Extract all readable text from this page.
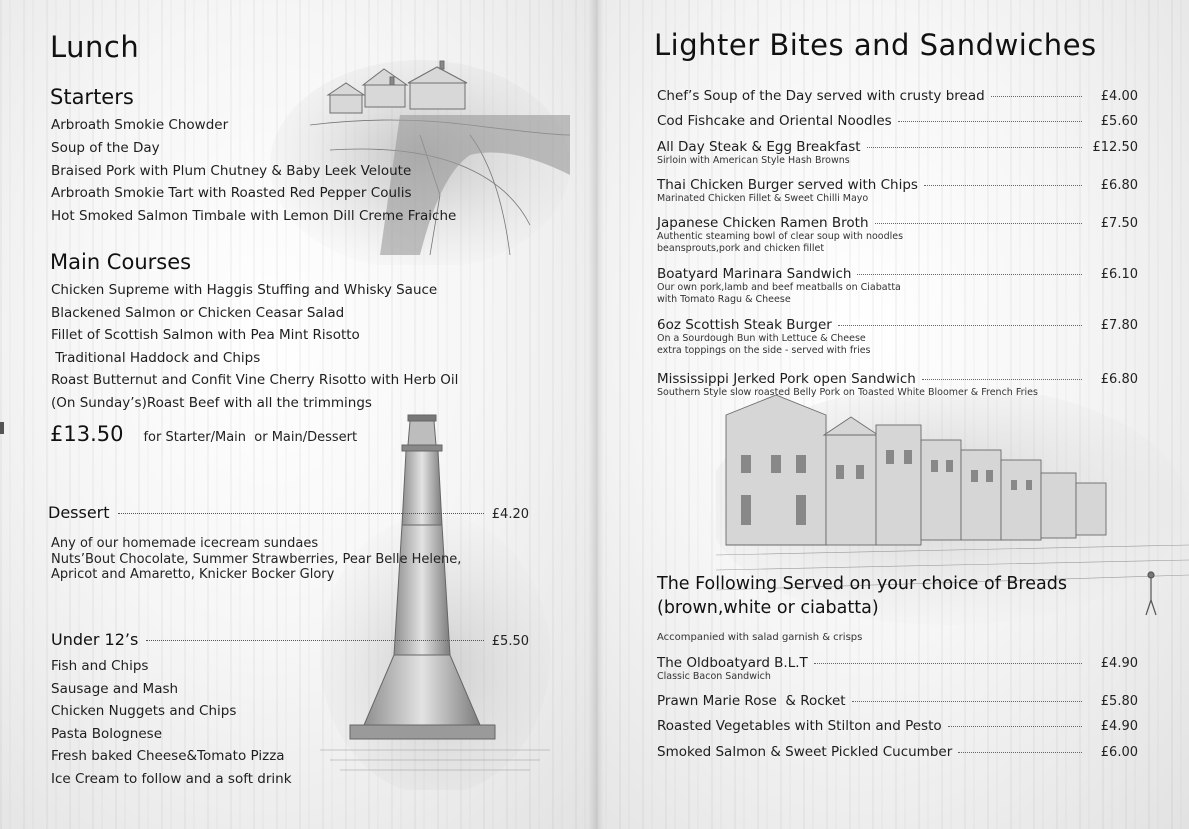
Lunch
Starters
Arbroath Smokie Chowder
Soup of the Day
Braised Pork with Plum Chutney & Baby Leek Veloute
Arbroath Smokie Tart with Roasted Red Pepper Coulis
Hot Smoked Salmon Timbale with Lemon Dill Creme Fraiche
Main Courses
Chicken Supreme with Haggis Stuffing and Whisky Sauce
Blackened Salmon or Chicken Ceasar Salad
Fillet of Scottish Salmon with Pea Mint Risotto
Traditional Haddock and Chips
Roast Butternut and Confit Vine Cherry Risotto with Herb Oil
(On Sunday’s)Roast Beef with all the trimmings
£13.50 for Starter/Main  or Main/Dessert
Dessert	£4.20
Any of our homemade icecream sundaes
Nuts’Bout Chocolate, Summer Strawberries, Pear Belle Helene,
Apricot and Amaretto, Knicker Bocker Glory
Under 12’s	£5.50
Fish and Chips
Sausage and Mash
Chicken Nuggets and Chips
Pasta Bolognese
Fresh baked Cheese&Tomato Pizza
Ice Cream to follow and a soft drink
Lighter Bites and Sandwiches
Chef’s Soup of the Day served with crusty bread	£4.00
Cod Fishcake and Oriental Noodles	£5.60
All Day Steak & Egg Breakfast	£12.50
Sirloin with American Style Hash Browns
Thai Chicken Burger served with Chips	£6.80
Marinated Chicken Fillet & Sweet Chilli Mayo
Japanese Chicken Ramen Broth	£7.50
Authentic steaming bowl of clear soup with noodles
beansprouts,pork and chicken fillet
Boatyard Marinara Sandwich	£6.10
Our own pork,lamb and beef meatballs on Ciabatta
with Tomato Ragu & Cheese
6oz Scottish Steak Burger	£7.80
On a Sourdough Bun with Lettuce & Cheese
extra toppings on the side - served with fries
Mississippi Jerked Pork open Sandwich	£6.80
Southern Style slow roasted Belly Pork on Toasted White Bloomer & French Fries
The Following Served on your choice of Breads
(brown,white or ciabatta)
Accompanied with salad garnish & crisps
The Oldboatyard B.L.T	£4.90
Classic Bacon Sandwich
Prawn Marie Rose  & Rocket	£5.80
Roasted Vegetables with Stilton and Pesto	£4.90
Smoked Salmon & Sweet Pickled Cucumber	£6.00
